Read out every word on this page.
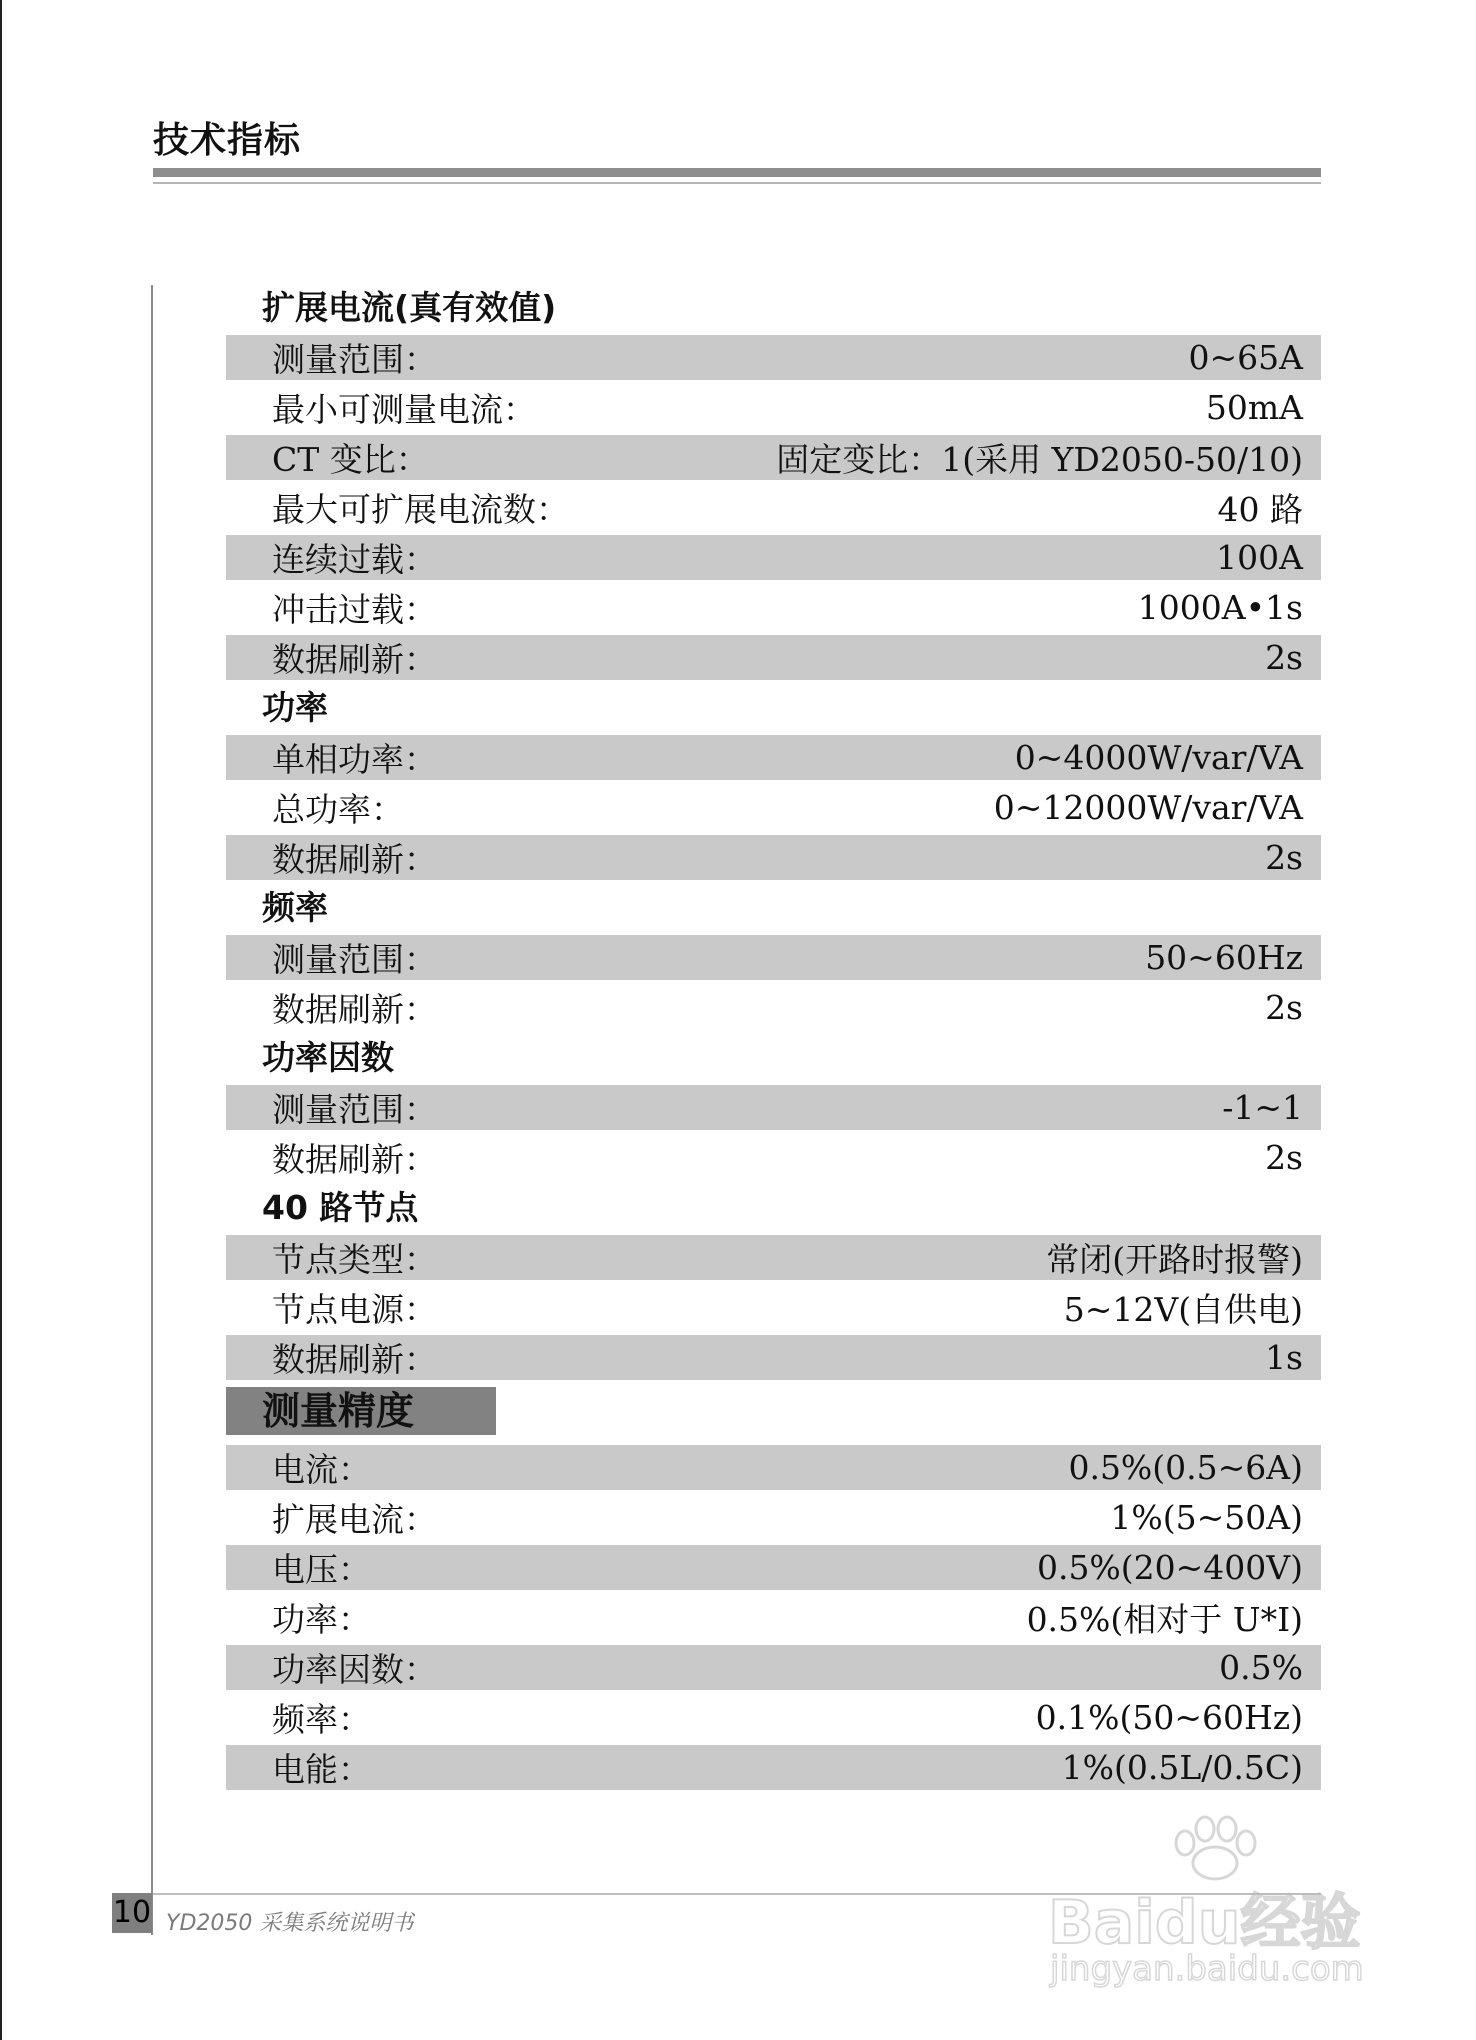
技术指标
扩展电流(真有效值)
测量范围：	0~65A
最小可测量电流：	50mA
CT 变比：	固定变比：1(采用 YD2050-50/10)
最大可扩展电流数：	40 路
连续过载：	100A
冲击过载：	1000A•1s
数据刷新：	2s
功率
单相功率：	0~4000W/var/VA
总功率：	0~12000W/var/VA
数据刷新：	2s
频率
测量范围：	50~60Hz
数据刷新：	2s
功率因数
测量范围：	-1~1
数据刷新：	2s
40 路节点
节点类型：	常闭(开路时报警)
节点电源：	5~12V(自供电)
数据刷新：	1s
测量精度
电流：	0.5%(0.5~6A)
扩展电流：	1%(5~50A)
电压：	0.5%(20~400V)
功率：	0.5%(相对于 U*I)
功率因数：	0.5%
频率：	0.1%(50~60Hz)
电能：	1%(0.5L/0.5C)
10 YD2050 采集系统说明书	Baidu经验
jingyan.baidu.com
